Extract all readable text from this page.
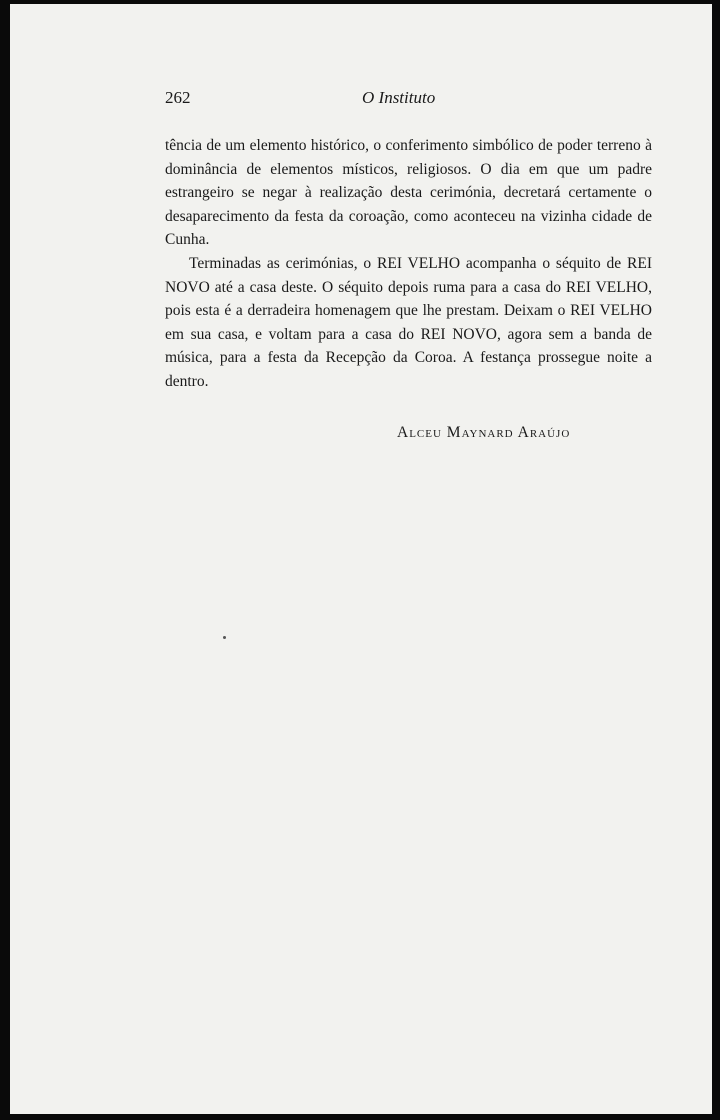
262	O Instituto

tência de um elemento histórico, o conferimento simbólico de poder terreno à dominância de elementos místicos, religiosos. O dia em que um padre estrangeiro se negar à realização desta cerimónia, decretará certamente o desaparecimento da festa da coroação, como aconteceu na vizinha cidade de Cunha.

Terminadas as cerimónias, o REI VELHO acompanha o séquito de REI NOVO até a casa deste. O séquito depois ruma para a casa do REI VELHO, pois esta é a derradeira homenagem que lhe prestam. Deixam o REI VELHO em sua casa, e voltam para a casa do REI NOVO, agora sem a banda de música, para a festa da Recepção da Coroa. A festança prossegue noite a dentro.

Alceu Maynard Araújo
